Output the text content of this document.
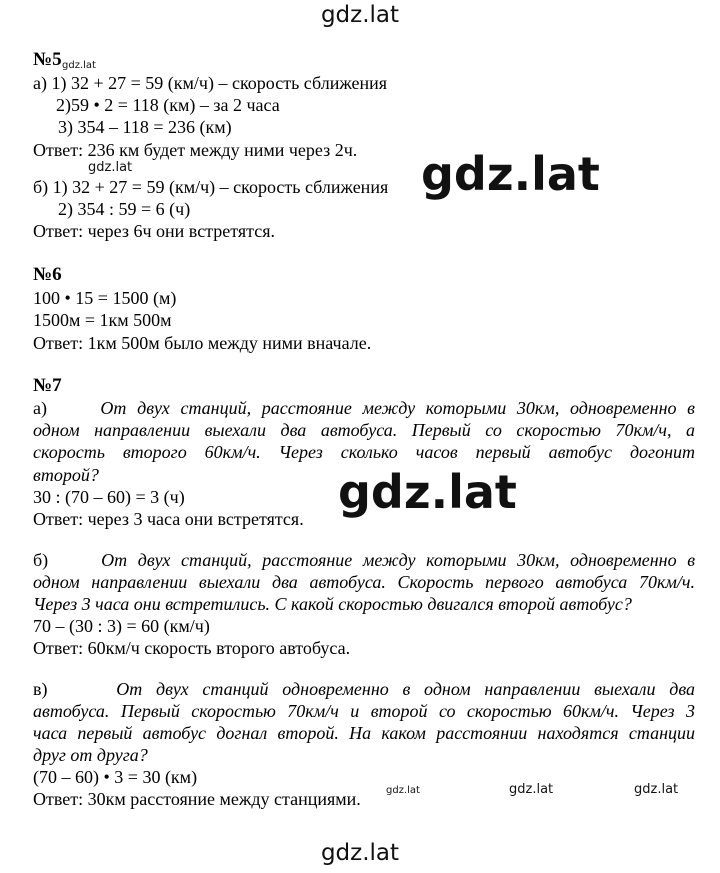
gdz.lat
gdz.lat
gdz.lat
gdz.lat
gdz.lat
gdz.lat	gdz.lat	gdz.lat
gdz.lat
№5
а) 1) 32 + 27 = 59 (км/ч) – скорость сближения
2)59 • 2 = 118 (км) – за 2 часа
3) 354 – 118 = 236 (км)
Ответ: 236 км будет между ними через 2ч.
б) 1) 32 + 27 = 59 (км/ч) – скорость сближения
2) 354 : 59 = 6 (ч)
Ответ: через 6ч они встретятся.
№6
100 • 15 = 1500 (м)
1500м = 1км 500м
Ответ: 1км 500м было между ними вначале.
№7
а)	От двух станций, расстояние между которыми 30км, одновременно в
одном направлении выехали два автобуса. Первый со скоростью 70км/ч, а
скорость второго 60км/ч. Через сколько часов первый автобус догонит
второй?
30 : (70 – 60) = 3 (ч)
Ответ: через 3 часа они встретятся.
б)	От двух станций, расстояние между которыми 30км, одновременно в
одном направлении выехали два автобуса. Скорость первого автобуса 70км/ч.
Через 3 часа они встретились. С какой скоростью двигался второй автобус?
70 – (30 : 3) = 60 (км/ч)
Ответ: 60км/ч скорость второго автобуса.
в)	От двух станций одновременно в одном направлении выехали два
автобуса. Первый скоростью 70км/ч и второй со скоростью 60км/ч. Через 3
часа первый автобус догнал второй. На каком расстоянии находятся станции
друг от друга?
(70 – 60) • 3 = 30 (км)
Ответ: 30км расстояние между станциями.
